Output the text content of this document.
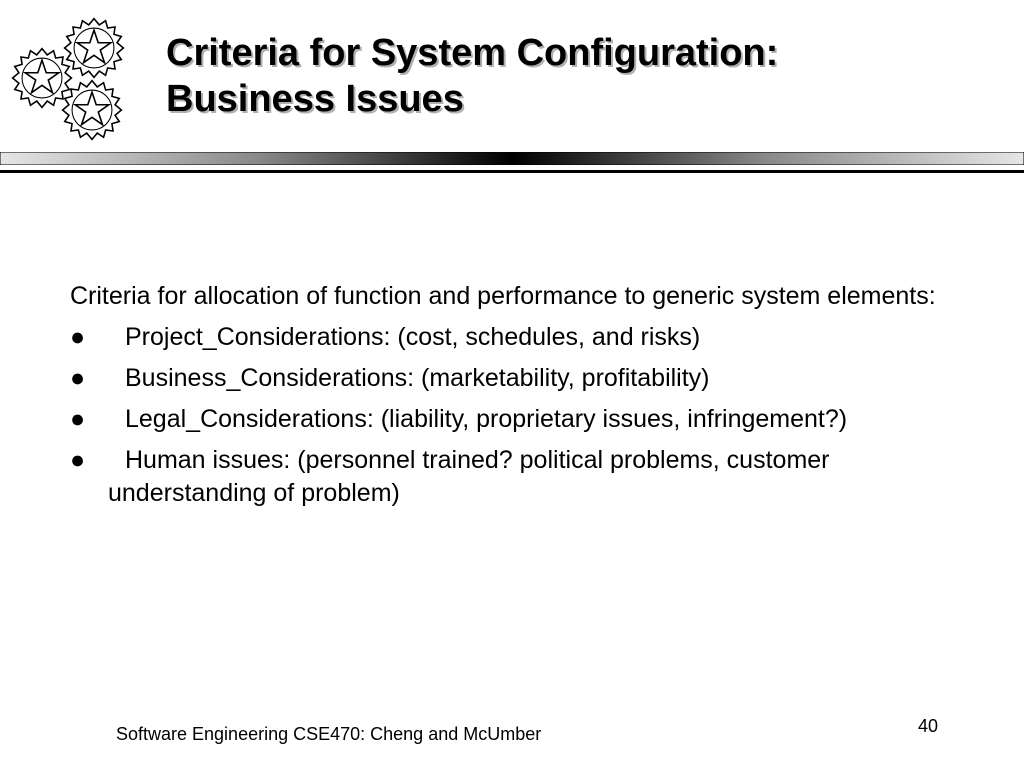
Criteria for System Configuration:
Business Issues

Criteria for allocation of function and performance to generic system elements:

●	Project_Considerations: (cost, schedules, and risks)
●	Business_Considerations: (marketability, profitability)
●	Legal_Considerations: (liability, proprietary issues, infringement?)
●	Human issues: (personnel trained? political problems, customer understanding of problem)
Software Engineering CSE470: Cheng and McUmber	40
